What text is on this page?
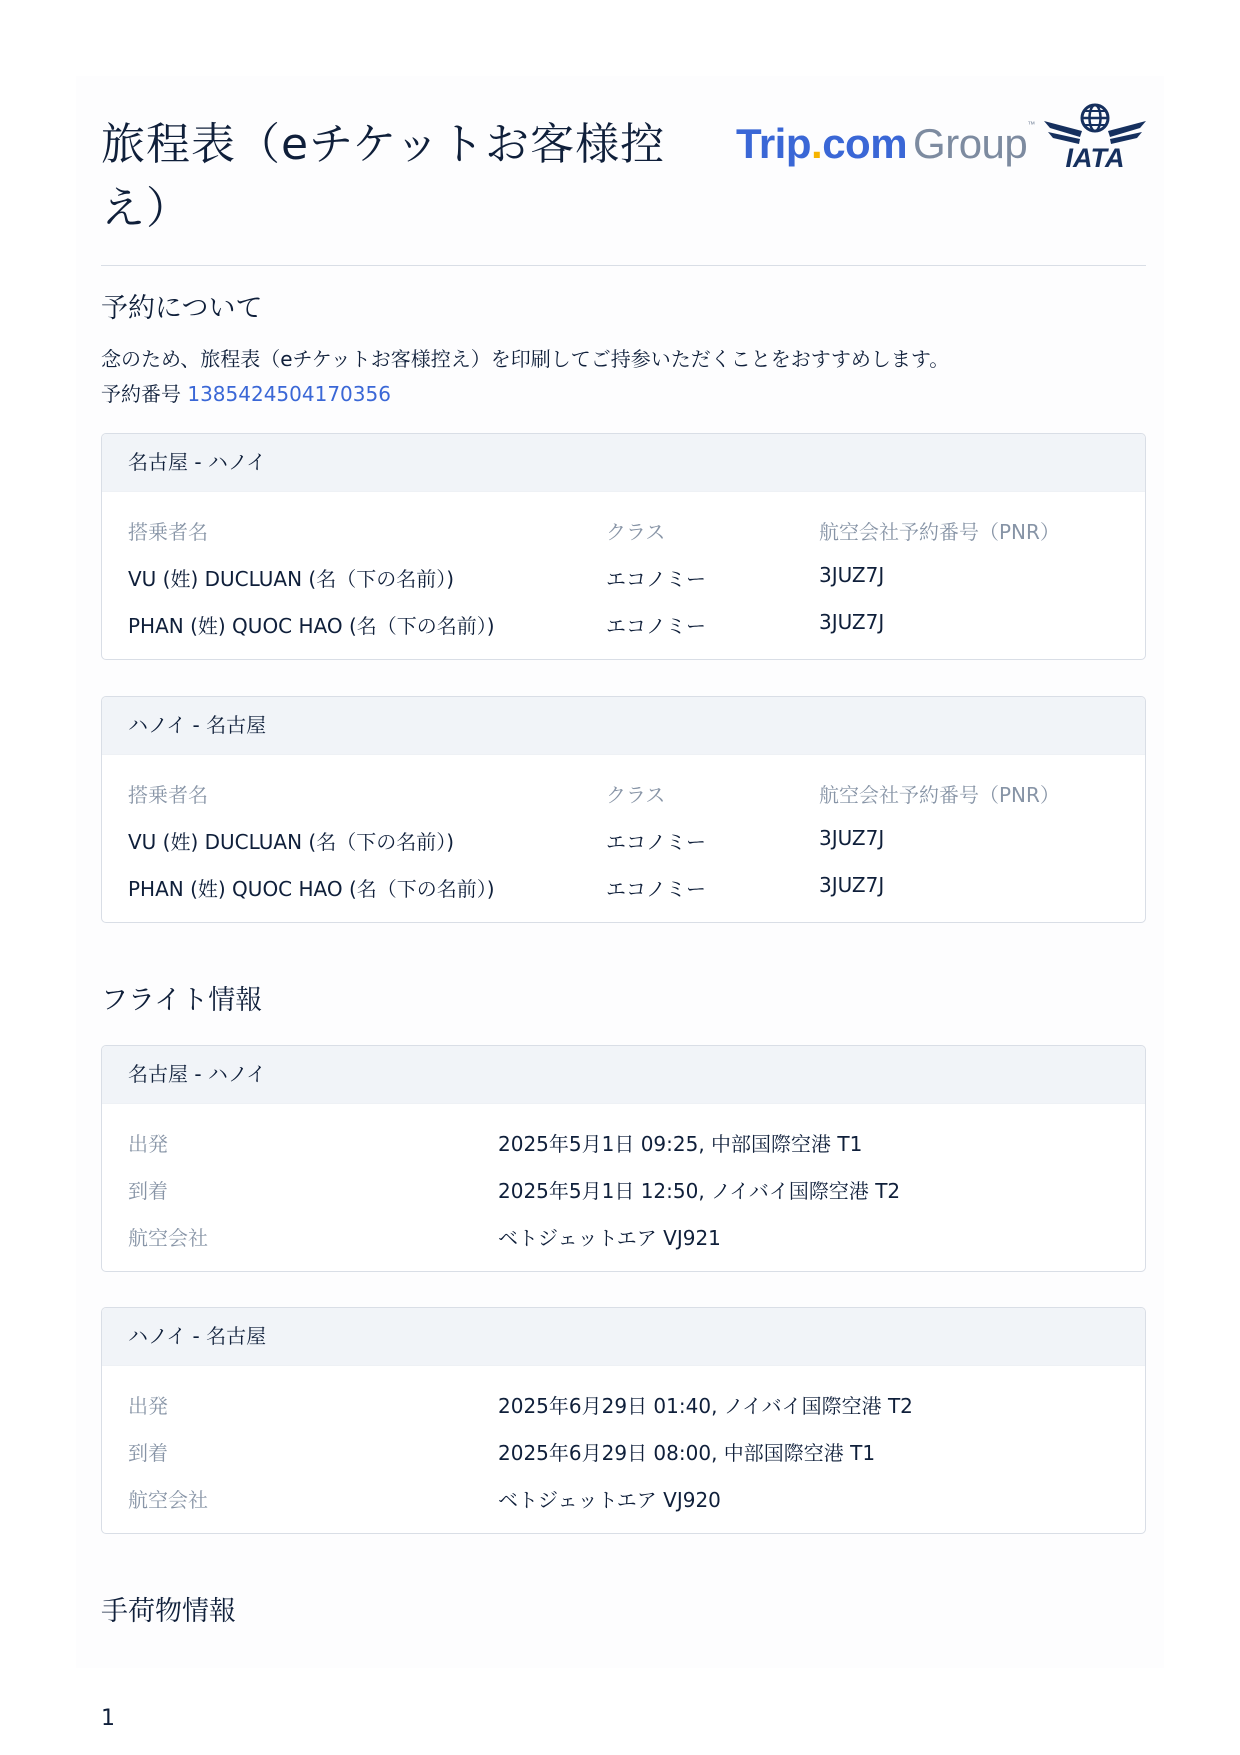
旅程表（eチケットお客様控え）
Trip.com Group™
IATA
予約について
念のため、旅程表（eチケットお客様控え）を印刷してご持参いただくことをおすすめします。
予約番号 1385424504170356
名古屋 - ハノイ
搭乗者名	クラス	航空会社予約番号（PNR）
VU (姓) DUCLUAN (名（下の名前）)	エコノミー	3JUZ7J
PHAN (姓) QUOC HAO (名（下の名前）)	エコノミー	3JUZ7J
ハノイ - 名古屋
搭乗者名	クラス	航空会社予約番号（PNR）
VU (姓) DUCLUAN (名（下の名前）)	エコノミー	3JUZ7J
PHAN (姓) QUOC HAO (名（下の名前）)	エコノミー	3JUZ7J
フライト情報
名古屋 - ハノイ
出発	2025年5月1日 09:25, 中部国際空港 T1
到着	2025年5月1日 12:50, ノイバイ国際空港 T2
航空会社	ベトジェットエア VJ921
ハノイ - 名古屋
出発	2025年6月29日 01:40, ノイバイ国際空港 T2
到着	2025年6月29日 08:00, 中部国際空港 T1
航空会社	ベトジェットエア VJ920
手荷物情報
1
